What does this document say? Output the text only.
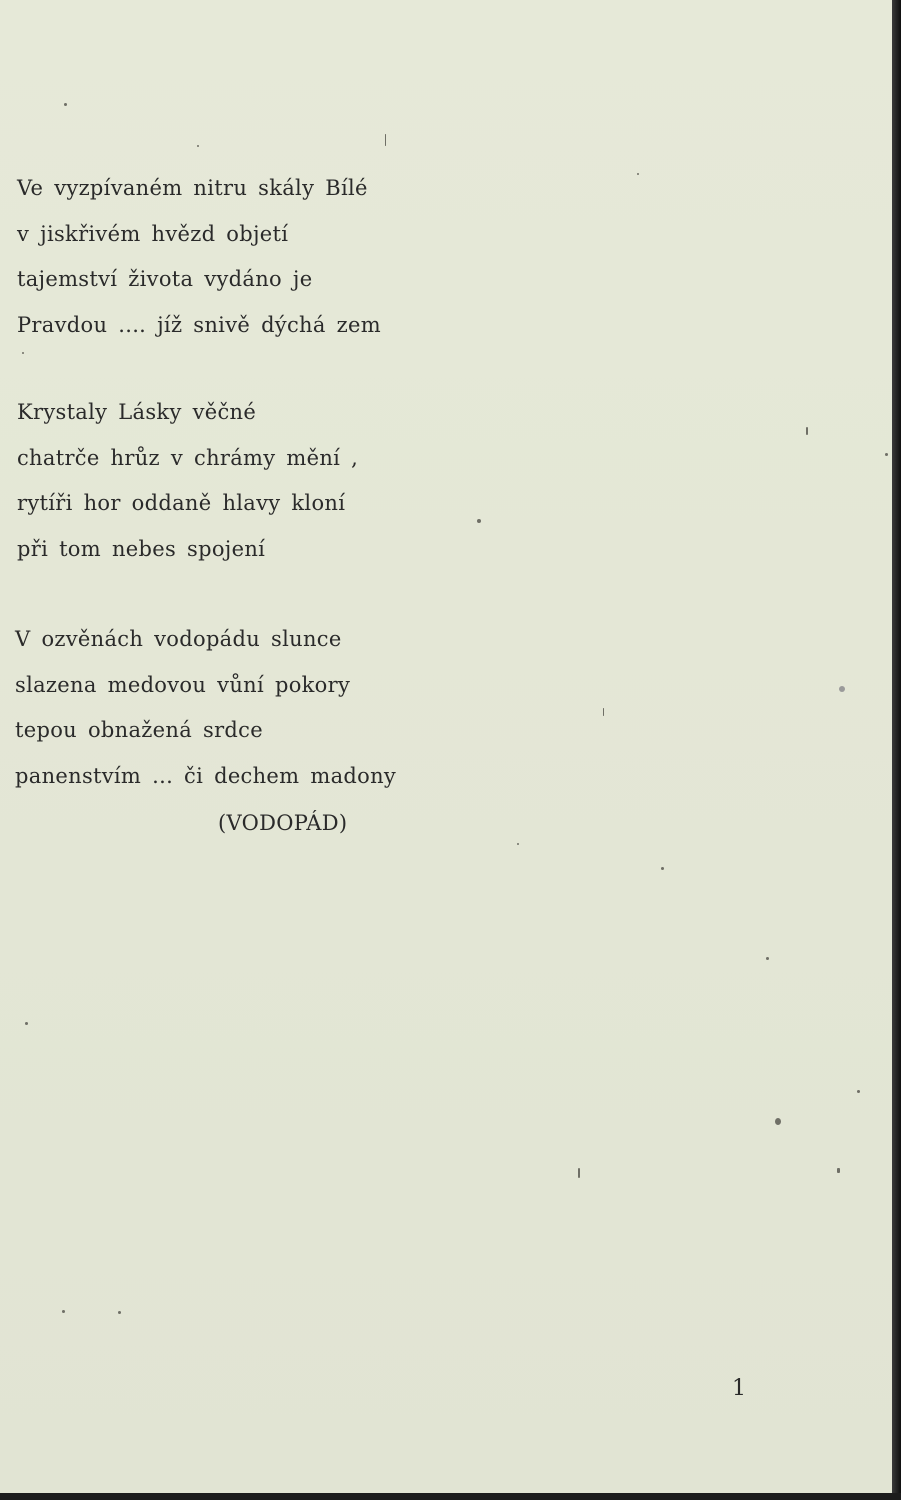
Ve vyzpívaném nitru skály Bílé
v jiskřivém hvězd objetí
tajemství života vydáno je
Pravdou .... jíž snivě dýchá zem
Krystaly Lásky věčné
chatrče hrůz v chrámy mění ,
rytíři hor oddaně hlavy kloní
při tom nebes spojení
V ozvěnách vodopádu slunce
slazena medovou vůní pokory
tepou obnažená srdce
panenstvím ... či dechem madony
(VODOPÁD)
1
